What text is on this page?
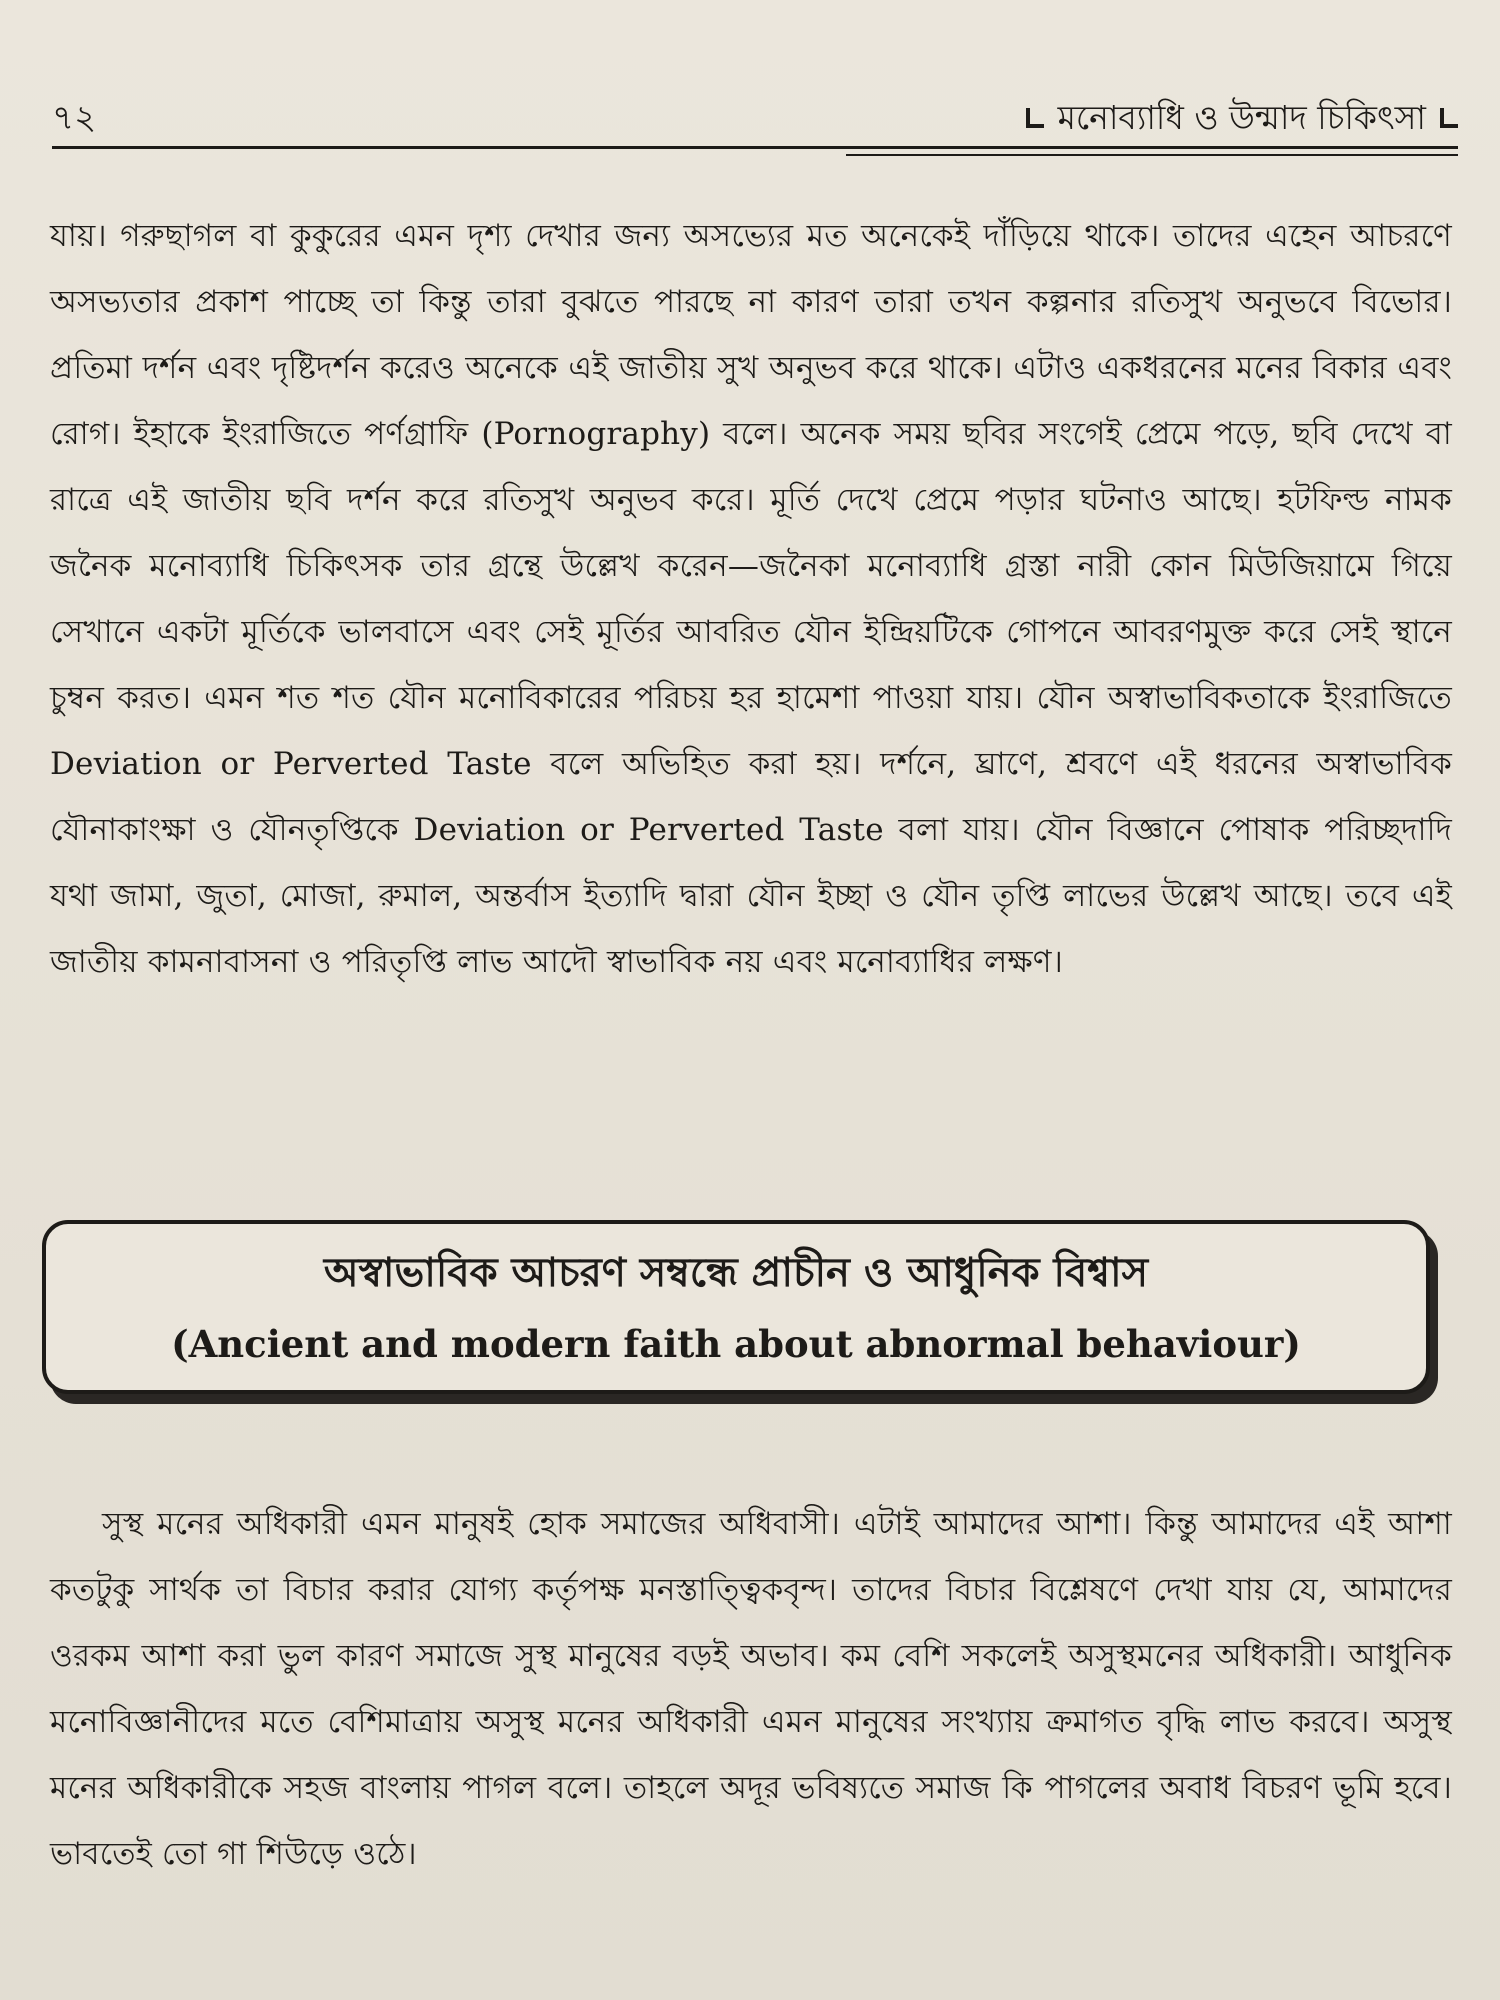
৭২	মনোব্যাধি ও উন্মাদ চিকিৎসা

যায়। গরুছাগল বা কুকুরের এমন দৃশ্য দেখার জন্য অসভ্যের মত অনেকেই দাঁড়িয়ে থাকে। তাদের এহেন আচরণে অসভ্যতার প্রকাশ পাচ্ছে তা কিন্তু তারা বুঝতে পারছে না কারণ তারা তখন কল্পনার রতিসুখ অনুভবে বিভোর। প্রতিমা দর্শন এবং দৃষ্টিদর্শন করেও অনেকে এই জাতীয় সুখ অনুভব করে থাকে। এটাও একধরনের মনের বিকার এবং রোগ। ইহাকে ইংরাজিতে পর্ণগ্রাফি (Pornography) বলে। অনেক সময় ছবির সংগেই প্রেমে পড়ে, ছবি দেখে বা রাত্রে এই জাতীয় ছবি দর্শন করে রতিসুখ অনুভব করে। মূর্তি দেখে প্রেমে পড়ার ঘটনাও আছে। হটফিল্ড নামক জনৈক মনোব্যাধি চিকিৎসক তার গ্রন্থে উল্লেখ করেন—জনৈকা মনোব্যাধি গ্রস্তা নারী কোন মিউজিয়ামে গিয়ে সেখানে একটা মূর্তিকে ভালবাসে এবং সেই মূর্তির আবরিত যৌন ইন্দ্রিয়টিকে গোপনে আবরণমুক্ত করে সেই স্থানে চুম্বন করত। এমন শত শত যৌন মনোবিকারের পরিচয় হর হামেশা পাওয়া যায়। যৌন অস্বাভাবিকতাকে ইংরাজিতে Deviation or Perverted Taste বলে অভিহিত করা হয়। দর্শনে, ঘ্রাণে, শ্রবণে এই ধরনের অস্বাভাবিক যৌনাকাংক্ষা ও যৌনতৃপ্তিকে Deviation or Perverted Taste বলা যায়। যৌন বিজ্ঞানে পোষাক পরিচ্ছদাদি যথা জামা, জুতা, মোজা, রুমাল, অন্তর্বাস ইত্যাদি দ্বারা যৌন ইচ্ছা ও যৌন তৃপ্তি লাভের উল্লেখ আছে। তবে এই জাতীয় কামনাবাসনা ও পরিতৃপ্তি লাভ আদৌ স্বাভাবিক নয় এবং মনোব্যাধির লক্ষণ।

অস্বাভাবিক আচরণ সম্বন্ধে প্রাচীন ও আধুনিক বিশ্বাস
(Ancient and modern faith about abnormal behaviour)

সুস্থ মনের অধিকারী এমন মানুষই হোক সমাজের অধিবাসী। এটাই আমাদের আশা। কিন্তু আমাদের এই আশা কতটুকু সার্থক তা বিচার করার যোগ্য কর্তৃপক্ষ মনস্তাত্ত্বিকবৃন্দ। তাদের বিচার বিশ্লেষণে দেখা যায় যে, আমাদের ওরকম আশা করা ভুল কারণ সমাজে সুস্থ মানুষের বড়ই অভাব। কম বেশি সকলেই অসুস্থমনের অধিকারী। আধুনিক মনোবিজ্ঞানীদের মতে বেশিমাত্রায় অসুস্থ মনের অধিকারী এমন মানুষের সংখ্যায় ক্রমাগত বৃদ্ধি লাভ করবে। অসুস্থ মনের অধিকারীকে সহজ বাংলায় পাগল বলে। তাহলে অদূর ভবিষ্যতে সমাজ কি পাগলের অবাধ বিচরণ ভূমি হবে। ভাবতেই তো গা শিউড়ে ওঠে।
